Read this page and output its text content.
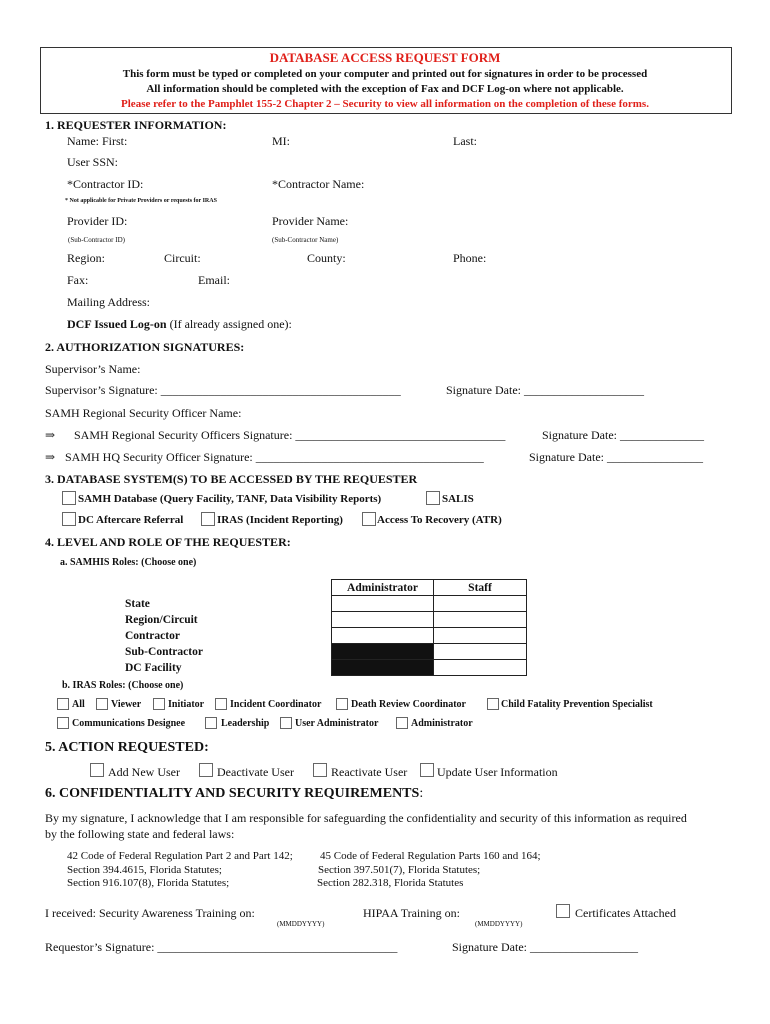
DATABASE ACCESS REQUEST FORM
This form must be typed or completed on your computer and printed out for signatures in order to be processed
All information should be completed with the exception of Fax and DCF Log-on where not applicable.
Please refer to the Pamphlet 155-2 Chapter 2 – Security to view all information on the completion of these forms.
1. REQUESTER INFORMATION:
Name: First:	MI:	Last:
User SSN:
*Contractor ID:	*Contractor Name:
* Not applicable for Private Providers or requests for IRAS
Provider ID:	Provider Name:
(Sub-Contractor ID)	(Sub-Contractor Name)
Region:	Circuit:	County:	Phone:
Fax:	Email:
Mailing Address:
DCF Issued Log-on (If already assigned one):
2. AUTHORIZATION SIGNATURES:
Supervisor’s Name:
Supervisor’s Signature: ________________________________________	Signature Date: ____________________
SAMH Regional Security Officer Name:
⇒ SAMH Regional Security Officers Signature: ___________________________________	Signature Date: ______________
⇒ SAMH HQ Security Officer Signature: ______________________________________	Signature Date: ________________
3. DATABASE SYSTEM(S) TO BE ACCESSED BY THE REQUESTER
SAMH Database (Query Facility, TANF, Data Visibility Reports)	SALIS
DC Aftercare Referral	IRAS (Incident Reporting)	Access To Recovery (ATR)
4. LEVEL AND ROLE OF THE REQUESTER:
a. SAMHIS Roles: (Choose one)
	Administrator	Staff
State		
Region/Circuit		
Contractor		
Sub-Contractor		
DC Facility		
b. IRAS Roles: (Choose one)
All	Viewer	Initiator	Incident Coordinator	Death Review Coordinator	Child Fatality Prevention Specialist
Communications Designee	Leadership	User Administrator	Administrator
5. ACTION REQUESTED:
Add New User	Deactivate User	Reactivate User Update User Information
6. CONFIDENTIALITY AND SECURITY REQUIREMENTS:
By my signature, I acknowledge that I am responsible for safeguarding the confidentiality and security of this information as required
by the following state and federal laws:
42 Code of Federal Regulation Part 2 and Part 142;
Section 394.4615, Florida Statutes;
Section 916.107(8), Florida Statutes;
45 Code of Federal Regulation Parts 160 and 164;
Section 397.501(7), Florida Statutes;
Section 282.318, Florida Statutes
I received: Security Awareness Training on:	HIPAA Training on:	Certificates Attached
(MMDDYYYY)	(MMDDYYYY)
Requestor’s Signature: ________________________________________	Signature Date: __________________
